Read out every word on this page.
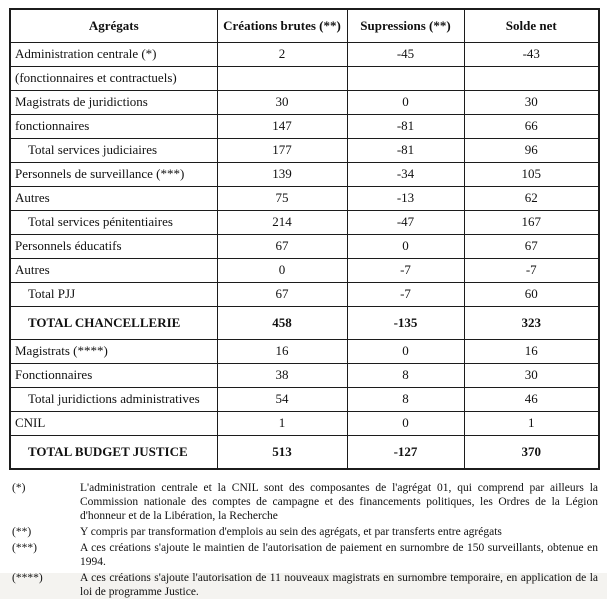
Agrégats	Créations brutes (**)	Supressions (**)	Solde net
Administration centrale (*)	2	-45	-43
(fonctionnaires et contractuels)			
Magistrats de juridictions	30	0	30
fonctionnaires	147	-81	66
Total services judiciaires	177	-81	96
Personnels de surveillance (***)	139	-34	105
Autres	75	-13	62
Total services pénitentiaires	214	-47	167
Personnels éducatifs	67	0	67
Autres	0	-7	-7
Total PJJ	67	-7	60
TOTAL CHANCELLERIE	458	-135	323
Magistrats (****)	16	0	16
Fonctionnaires	38	8	30
Total juridictions administratives	54	8	46
CNIL	1	0	1
TOTAL BUDGET JUSTICE	513	-127	370
(*)	L'administration centrale et la CNIL sont des composantes de l'agrégat 01, qui comprend par ailleurs la Commission nationale des comptes de campagne et des financements politiques, les Ordres de la Légion d'honneur et de la Libération, la Recherche
(**)	Y compris par transformation d'emplois au sein des agrégats, et par transferts entre agrégats
(***)	A ces créations s'ajoute le maintien de l'autorisation de paiement en surnombre de 150 surveillants, obtenue en 1994.
(****)	A ces créations s'ajoute l'autorisation de 11 nouveaux magistrats en surnombre temporaire, en application de la loi de programme Justice.
